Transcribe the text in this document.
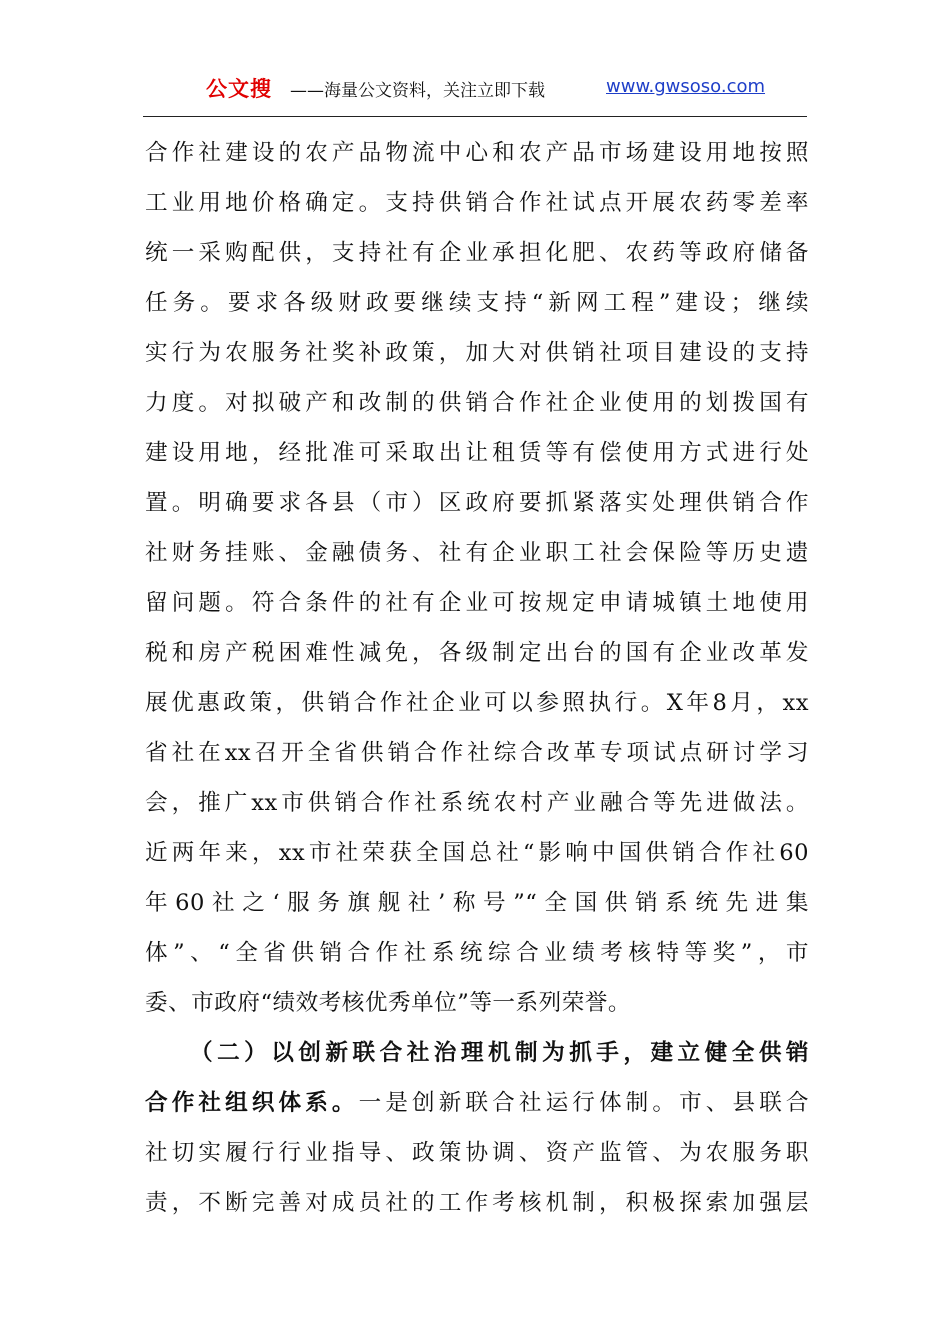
公文搜 ——海量公文资料，关注立即下载	www.gwsoso.com
合作社建设的农产品物流中心和农产品市场建设用地按照
工业用地价格确定。支持供销合作社试点开展农药零差率
统一采购配供，支持社有企业承担化肥、农药等政府储备
任务。要求各级财政要继续支持“新网工程”建设；继续
实行为农服务社奖补政策，加大对供销社项目建设的支持
力度。对拟破产和改制的供销合作社企业使用的划拨国有
建设用地，经批准可采取出让租赁等有偿使用方式进行处
置。明确要求各县（市）区政府要抓紧落实处理供销合作
社财务挂账、金融债务、社有企业职工社会保险等历史遗
留问题。符合条件的社有企业可按规定申请城镇土地使用
税和房产税困难性减免，各级制定出台的国有企业改革发
展优惠政策，供销合作社企业可以参照执行。X年8月，xx
省社在xx召开全省供销合作社综合改革专项试点研讨学习
会，推广xx市供销合作社系统农村产业融合等先进做法。
近两年来，xx市社荣获全国总社“影响中国供销合作社60
年60社之‘服务旗舰社’称号”“全国供销系统先进集
体”、“全省供销合作社系统综合业绩考核特等奖”，市
委、市政府“绩效考核优秀单位”等一系列荣誉。
（二）以创新联合社治理机制为抓手，建立健全供销
合作社组织体系。一是创新联合社运行体制。市、县联合
社切实履行行业指导、政策协调、资产监管、为农服务职
责，不断完善对成员社的工作考核机制，积极探索加强层
